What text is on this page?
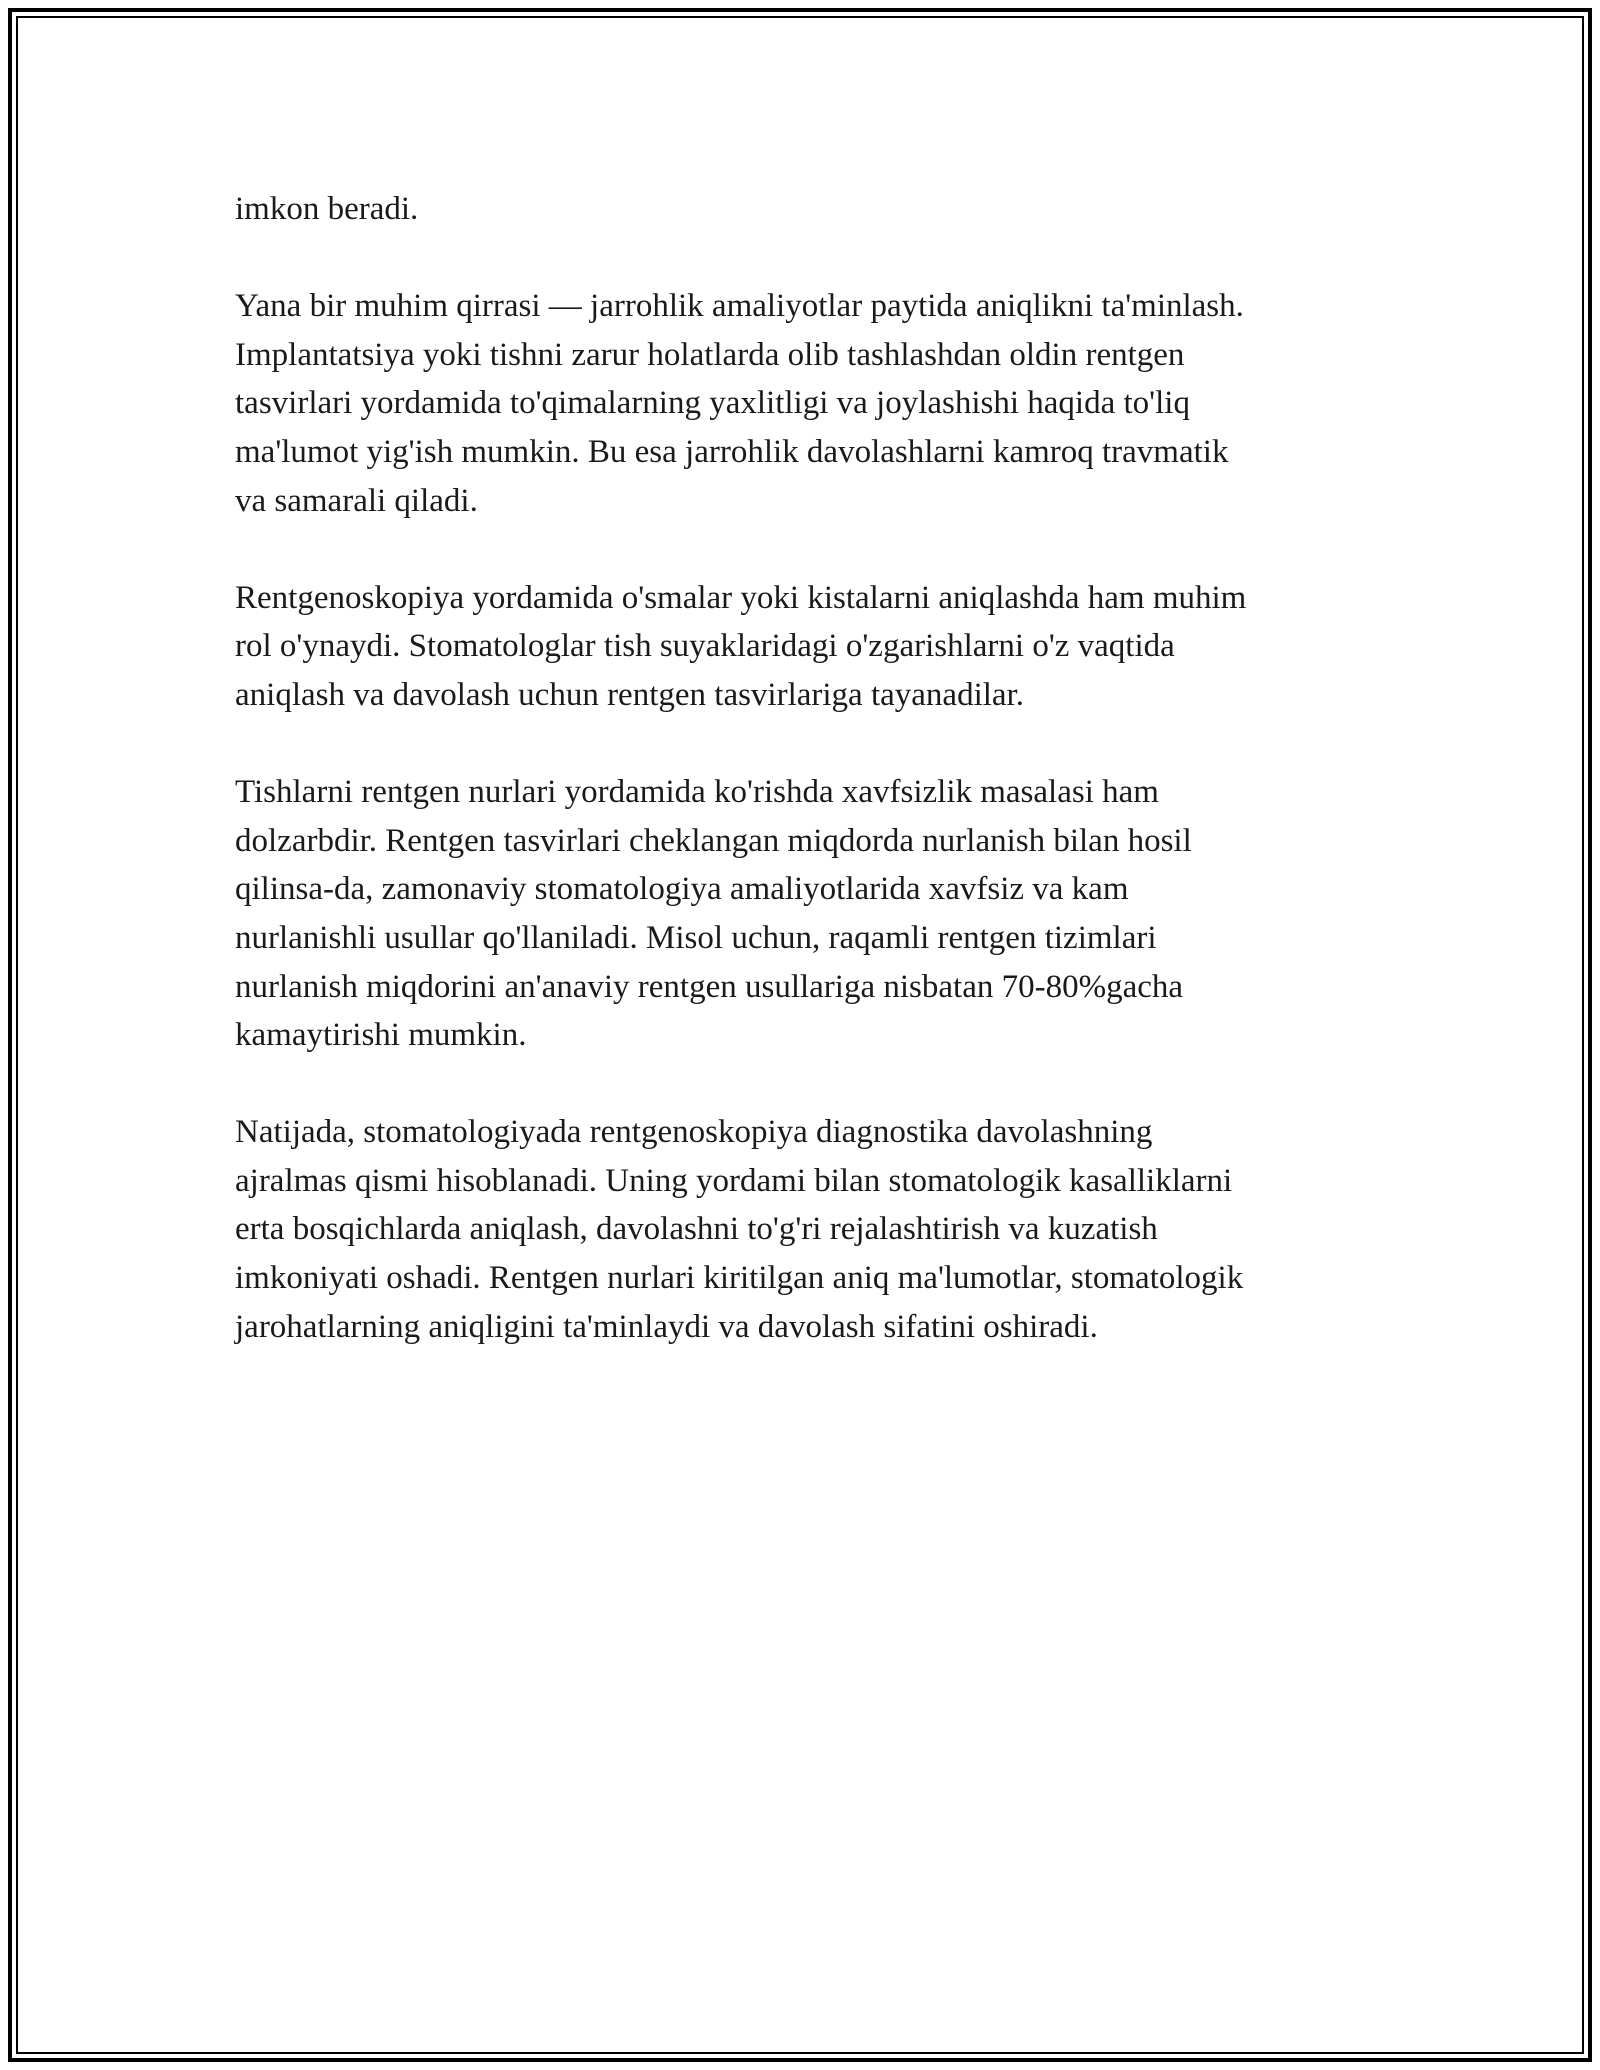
imkon beradi.

Yana bir muhim qirrasi — jarrohlik amaliyotlar paytida aniqlikni ta'minlash.
Implantatsiya yoki tishni zarur holatlarda olib tashlashdan oldin rentgen
tasvirlari yordamida to'qimalarning yaxlitligi va joylashishi haqida to'liq
ma'lumot yig'ish mumkin. Bu esa jarrohlik davolashlarni kamroq travmatik
va samarali qiladi.

Rentgenoskopiya yordamida o'smalar yoki kistalarni aniqlashda ham muhim
rol o'ynaydi. Stomatologlar tish suyaklaridagi o'zgarishlarni o'z vaqtida
aniqlash va davolash uchun rentgen tasvirlariga tayanadilar.

Tishlarni rentgen nurlari yordamida ko'rishda xavfsizlik masalasi ham
dolzarbdir. Rentgen tasvirlari cheklangan miqdorda nurlanish bilan hosil
qilinsa-da, zamonaviy stomatologiya amaliyotlarida xavfsiz va kam
nurlanishli usullar qo'llaniladi. Misol uchun, raqamli rentgen tizimlari
nurlanish miqdorini an'anaviy rentgen usullariga nisbatan 70-80%gacha
kamaytirishi mumkin.

Natijada, stomatologiyada rentgenoskopiya diagnostika davolashning
ajralmas qismi hisoblanadi. Uning yordami bilan stomatologik kasalliklarni
erta bosqichlarda aniqlash, davolashni to'g'ri rejalashtirish va kuzatish
imkoniyati oshadi. Rentgen nurlari kiritilgan aniq ma'lumotlar, stomatologik
jarohatlarning aniqligini ta'minlaydi va davolash sifatini oshiradi.
